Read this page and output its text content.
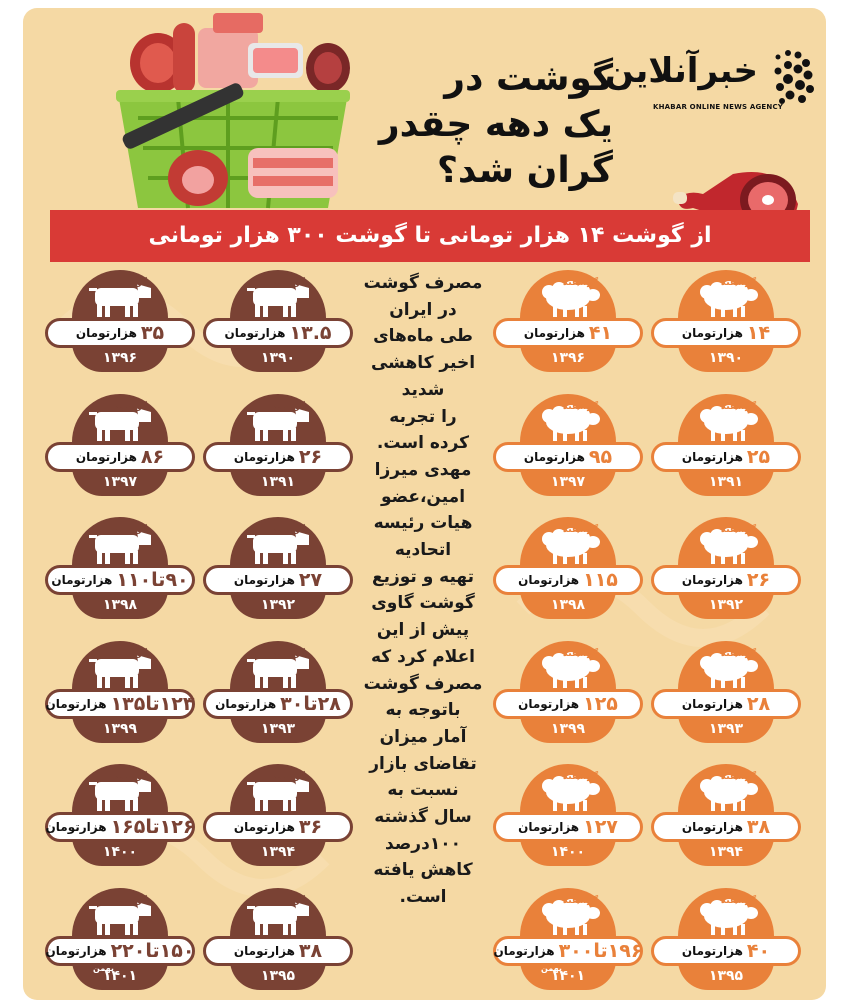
گوشت در
یک دهه چقدر
گران شد؟
خبرآنلاین
KHABAR ONLINE NEWS AGENCY
از گوشت ۱۴ هزار تومانی تا گوشت ۳۰۰ هزار تومانی
مصرف گوشت
در ایران
طی ماه‌های
اخیر کاهشی
شدید
را تجربه
کرده است.
مهدی میرزا
امین،عضو
هیات رئیسه
اتحادیه
تهیه و توزیع
گوشت گاوی
پیش از این
اعلام کرد که
مصرف گوشت
باتوجه به
آمار میزان
تقاضای بازار
نسبت به
سال گذشته
۱۰۰درصد
کاهش یافته
است.
گوسفند
۱۴
هزارتومان
۱۳۹۰
گوسفند
۲۵
هزارتومان
۱۳۹۱
گوسفند
۲۶
هزارتومان
۱۳۹۲
گوسفند
۲۸
هزارتومان
۱۳۹۳
گوسفند
۳۸
هزارتومان
۱۳۹۴
گوسفند
۴۰
هزارتومان
۱۳۹۵
گوسفند
۴۱
هزارتومان
۱۳۹۶
گوسفند
۹۵
هزارتومان
۱۳۹۷
گوسفند
۱۱۵
هزارتومان
۱۳۹۸
گوسفند
۱۲۵
هزارتومان
۱۳۹۹
گوسفند
۱۲۷
هزارتومان
۱۴۰۰
گوسفند
۱۹۶تا۳۰۰
هزارتومان
۱۴۰۱
بهمن
گوساله
۱۳.۵
هزارتومان
۱۳۹۰
گوساله
۲۶
هزارتومان
۱۳۹۱
گوساله
۲۷
هزارتومان
۱۳۹۲
گوساله
۲۸تا۳۰
هزارتومان
۱۳۹۳
گوساله
۳۶
هزارتومان
۱۳۹۴
گوساله
۳۸
هزارتومان
۱۳۹۵
گوساله
۳۵
هزارتومان
۱۳۹۶
گوساله
۸۶
هزارتومان
۱۳۹۷
گوساله
۹۰تا۱۱۰
هزارتومان
۱۳۹۸
گوساله
۱۲۳تا۱۳۵
هزارتومان
۱۳۹۹
گوساله
۱۲۶تا۱۶۵
هزارتومان
۱۴۰۰
گوساله
۱۵۰تا۲۲۰
هزارتومان
۱۴۰۱
بهمن
